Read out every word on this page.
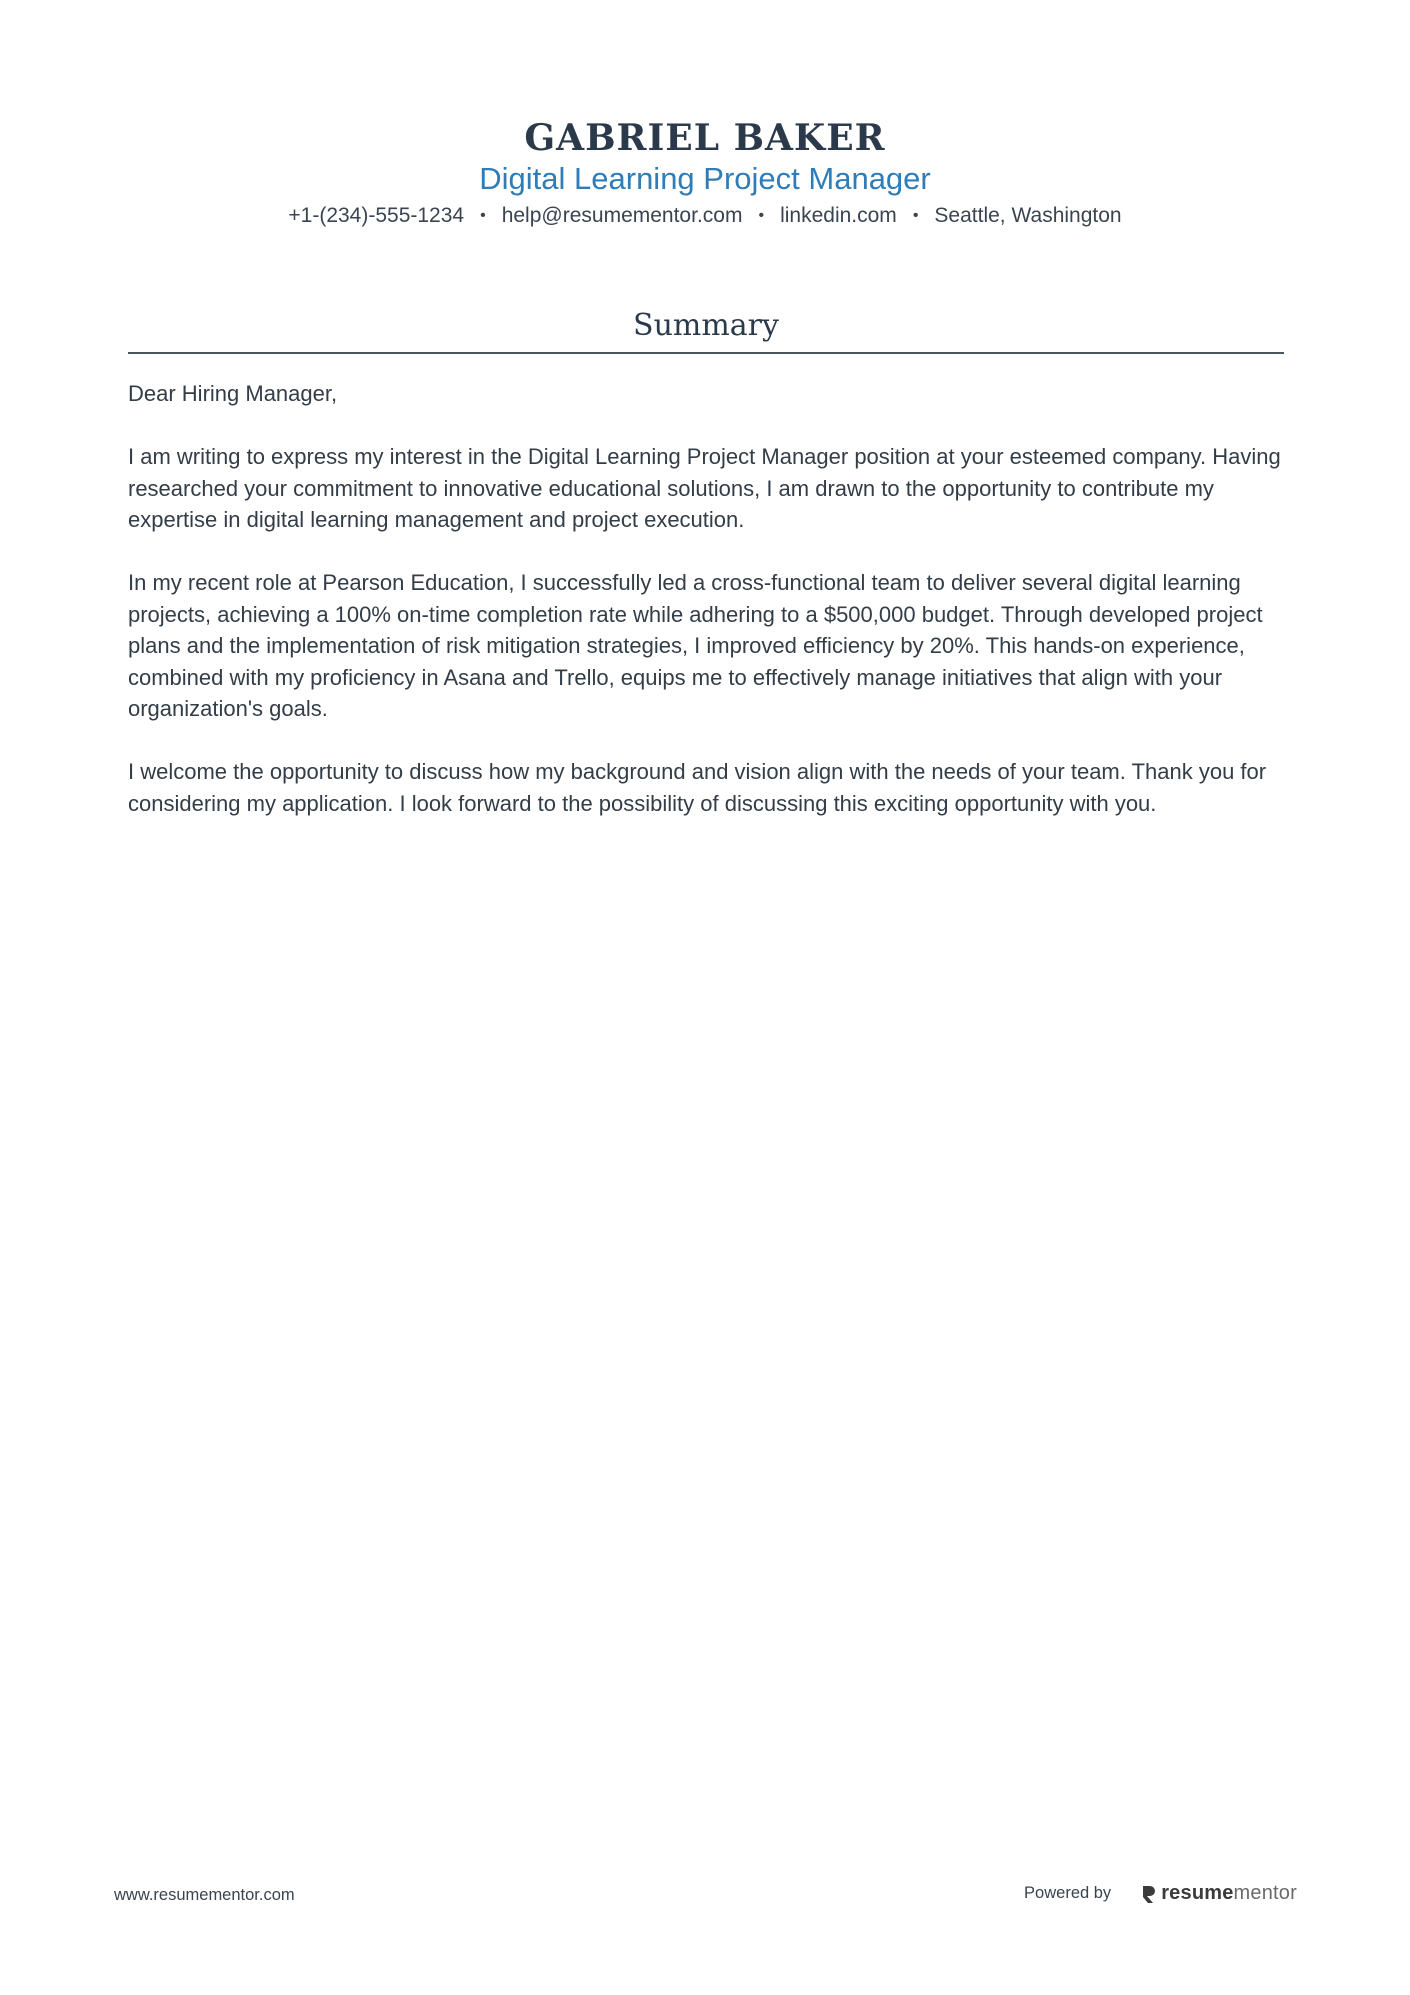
GABRIEL BAKER
Digital Learning Project Manager
+1-(234)-555-1234 • help@resumementor.com • linkedin.com • Seattle, Washington
Summary

Dear Hiring Manager,

I am writing to express my interest in the Digital Learning Project Manager position at your esteemed company. Having researched your commitment to innovative educational solutions, I am drawn to the opportunity to contribute my expertise in digital learning management and project execution.

In my recent role at Pearson Education, I successfully led a cross-functional team to deliver several digital learning projects, achieving a 100% on-time completion rate while adhering to a $500,000 budget. Through developed project plans and the implementation of risk mitigation strategies, I improved efficiency by 20%. This hands-on experience, combined with my proficiency in Asana and Trello, equips me to effectively manage initiatives that align with your organization's goals.

I welcome the opportunity to discuss how my background and vision align with the needs of your team. Thank you for considering my application. I look forward to the possibility of discussing this exciting opportunity with you.

www.resumementor.com	Powered by	resumementor
